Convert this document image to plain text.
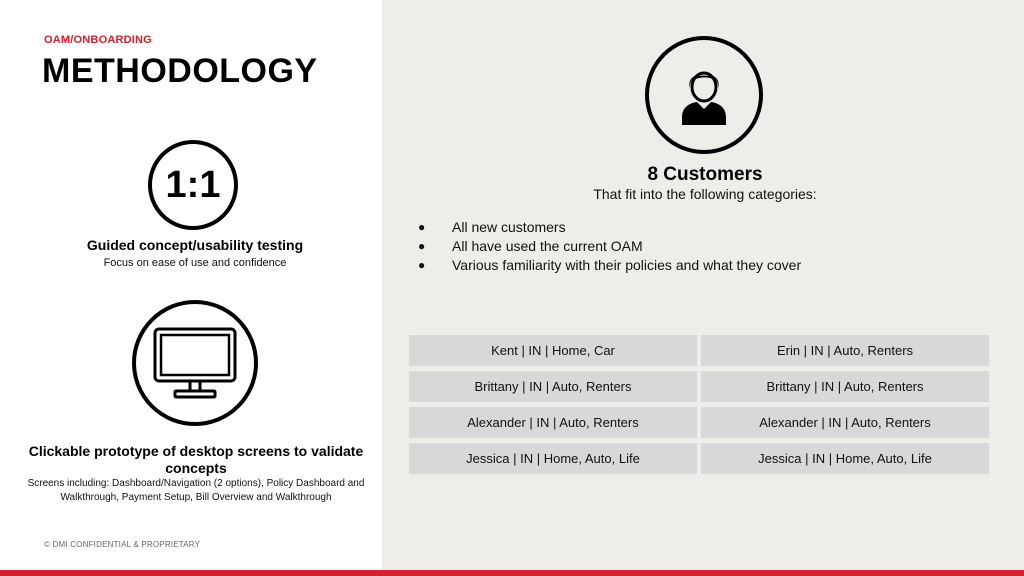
OAM/ONBOARDING
METHODOLOGY
1:1
Guided concept/usability testing
Focus on ease of use and confidence
Clickable prototype of desktop screens to validate concepts
Screens including: Dashboard/Navigation (2 options), Policy Dashboard and Walkthrough, Payment Setup, Bill Overview and Walkthrough
© DMI CONFIDENTIAL & PROPRIETARY
8 Customers
That fit into the following categories:
●	All new customers
●	All have used the current OAM
●	Various familiarity with their policies and what they cover
Kent | IN | Home, Car	Erin | IN | Auto, Renters
Brittany | IN | Auto, Renters	Brittany | IN | Auto, Renters
Alexander | IN | Auto, Renters	Alexander | IN | Auto, Renters
Jessica | IN | Home, Auto, Life	Jessica | IN | Home, Auto, Life
